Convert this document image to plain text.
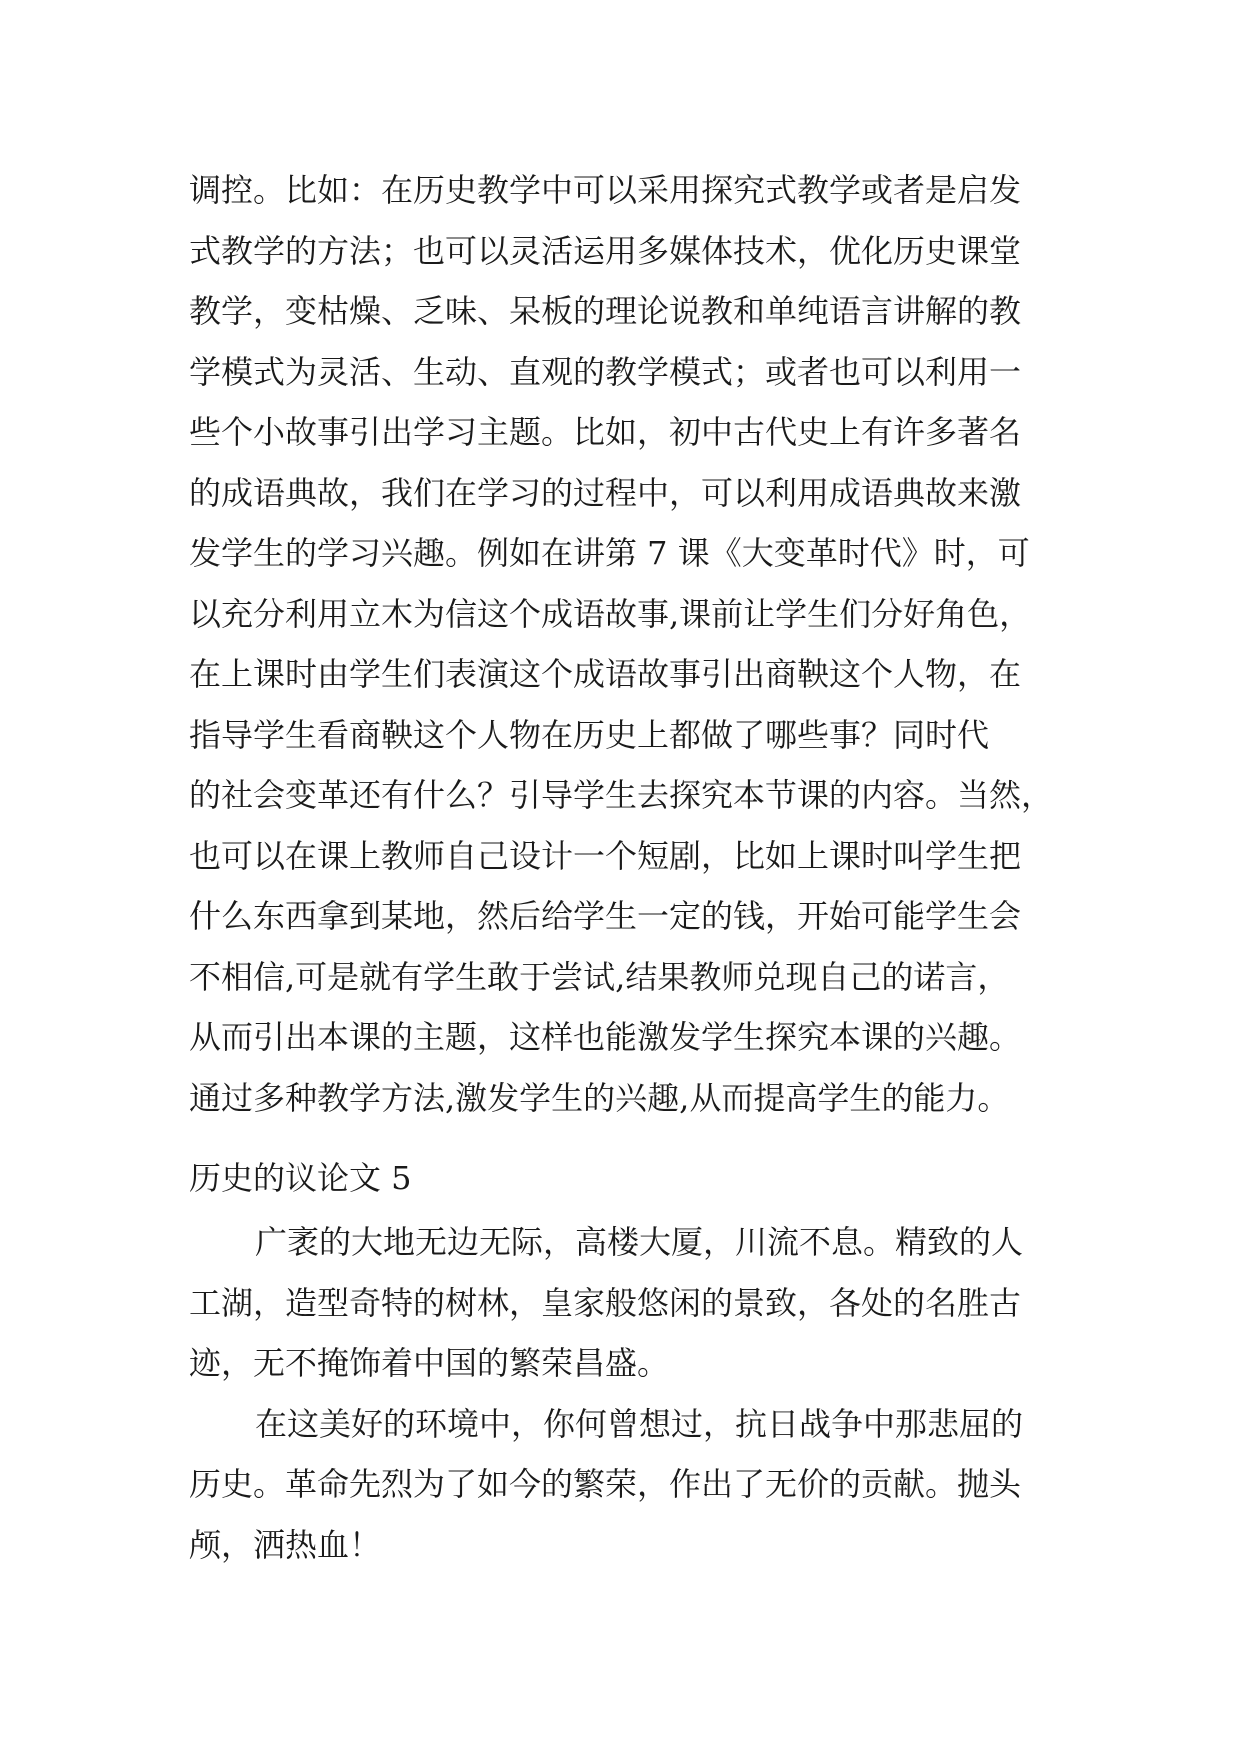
调控。比如：在历史教学中可以采用探究式教学或者是启发
式教学的方法；也可以灵活运用多媒体技术，优化历史课堂
教学，变枯燥、乏味、呆板的理论说教和单纯语言讲解的教
学模式为灵活、生动、直观的教学模式；或者也可以利用一
些个小故事引出学习主题。比如，初中古代史上有许多著名
的成语典故，我们在学习的过程中，可以利用成语典故来激
发学生的学习兴趣。例如在讲第 7 课《大变革时代》时，可
以充分利用立木为信这个成语故事,课前让学生们分好角色，
在上课时由学生们表演这个成语故事引出商鞅这个人物，在
指导学生看商鞅这个人物在历史上都做了哪些事？同时代
的社会变革还有什么？引导学生去探究本节课的内容。当然，
也可以在课上教师自己设计一个短剧，比如上课时叫学生把
什么东西拿到某地，然后给学生一定的钱，开始可能学生会
不相信,可是就有学生敢于尝试,结果教师兑现自己的诺言，
从而引出本课的主题，这样也能激发学生探究本课的兴趣。
通过多种教学方法,激发学生的兴趣,从而提高学生的能力。
历史的议论文 5
广袤的大地无边无际，高楼大厦，川流不息。精致的人
工湖，造型奇特的树林，皇家般悠闲的景致，各处的名胜古
迹，无不掩饰着中国的繁荣昌盛。
在这美好的环境中，你何曾想过，抗日战争中那悲屈的
历史。革命先烈为了如今的繁荣，作出了无价的贡献。抛头
颅，洒热血！
